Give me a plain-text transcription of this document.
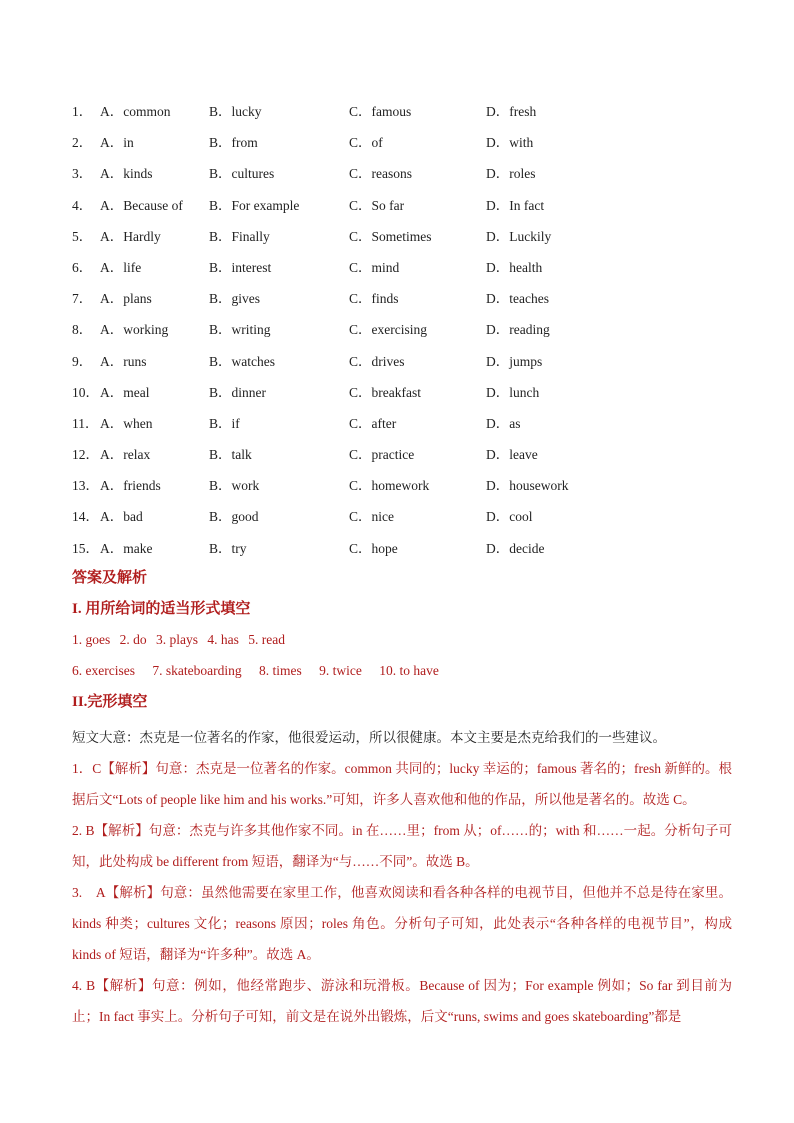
1． A．common	B．lucky	C．famous	D．fresh
2． A．in	B．from	C．of	D．with
3． A．kinds	B．cultures	C．reasons	D．roles
4． A．Because of B．For example	C．So far	D．In fact
5． A．Hardly	B．Finally	C．Sometimes	D．Luckily
6． A．life	B．interest	C．mind	D．health
7． A．plans	B．gives	C．finds	D．teaches
8． A．working	B．writing	C．exercising	D．reading
9． A．runs	B．watches	C．drives	D．jumps
10． A．meal	B．dinner	C．breakfast	D．lunch
11． A．when	B．if	C．after	D．as
12． A．relax	B．talk	C．practice	D．leave
13． A．friends	B．work	C．homework	D．housework
14． A．bad	B．good	C．nice	D．cool
15． A．make	B．try	C．hope	D．decide
答案及解析
I. 用所给词的适当形式填空
1. goes 2. do 3. plays 4. has 5. read
6. exercises 7. skateboarding 8. times 9. twice 10. to have
II.完形填空
短文大意：杰克是一位著名的作家，他很爱运动，所以很健康。本文主要是杰克给我们的一些建议。
1．C【解析】句意：杰克是一位著名的作家。common 共同的；lucky 幸运的；famous 著名的；fresh 新鲜的。根据后文“Lots of people like him and his works.”可知，许多人喜欢他和他的作品，所以他是著名的。故选 C。
2. B【解析】句意：杰克与许多其他作家不同。in 在……里；from 从；of……的；with 和……一起。分析句子可知，此处构成 be different from 短语，翻译为“与……不同”。故选 B。
3.　A【解析】句意：虽然他需要在家里工作，他喜欢阅读和看各种各样的电视节目，但他并不总是待在家里。kinds 种类；cultures 文化；reasons 原因；roles 角色。分析句子可知，此处表示“各种各样的电视节目”，构成 kinds of 短语，翻译为“许多种”。故选 A。
4. B【解析】句意：例如，他经常跑步、游泳和玩滑板。Because of 因为；For example 例如；So far 到目前为止；In fact 事实上。分析句子可知，前文是在说外出锻炼，后文“runs, swims and goes skateboarding”都是
